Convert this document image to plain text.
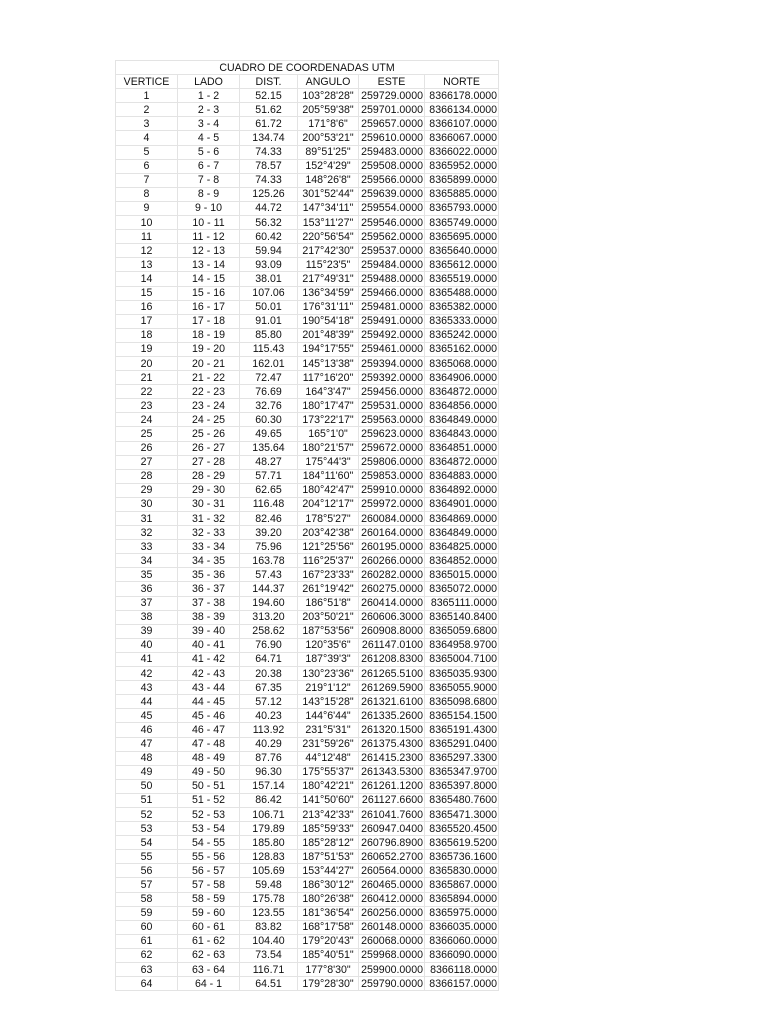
CUADRO DE COORDENADAS UTM					
VERTICE	LADO	DIST.	ANGULO	ESTE	NORTE
1	1 - 2	52.15	103°28'28"	259729.0000	8366178.0000
2	2 - 3	51.62	205°59'38"	259701.0000	8366134.0000
3	3 - 4	61.72	171°8'6"	259657.0000	8366107.0000
4	4 - 5	134.74	200°53'21"	259610.0000	8366067.0000
5	5 - 6	74.33	89°51'25"	259483.0000	8366022.0000
6	6 - 7	78.57	152°4'29"	259508.0000	8365952.0000
7	7 - 8	74.33	148°26'8"	259566.0000	8365899.0000
8	8 - 9	125.26	301°52'44"	259639.0000	8365885.0000
9	9 - 10	44.72	147°34'11"	259554.0000	8365793.0000
10	10 - 11	56.32	153°11'27"	259546.0000	8365749.0000
11	11 - 12	60.42	220°56'54"	259562.0000	8365695.0000
12	12 - 13	59.94	217°42'30"	259537.0000	8365640.0000
13	13 - 14	93.09	115°23'5"	259484.0000	8365612.0000
14	14 - 15	38.01	217°49'31"	259488.0000	8365519.0000
15	15 - 16	107.06	136°34'59"	259466.0000	8365488.0000
16	16 - 17	50.01	176°31'11"	259481.0000	8365382.0000
17	17 - 18	91.01	190°54'18"	259491.0000	8365333.0000
18	18 - 19	85.80	201°48'39"	259492.0000	8365242.0000
19	19 - 20	115.43	194°17'55"	259461.0000	8365162.0000
20	20 - 21	162.01	145°13'38"	259394.0000	8365068.0000
21	21 - 22	72.47	117°16'20"	259392.0000	8364906.0000
22	22 - 23	76.69	164°3'47"	259456.0000	8364872.0000
23	23 - 24	32.76	180°17'47"	259531.0000	8364856.0000
24	24 - 25	60.30	173°22'17"	259563.0000	8364849.0000
25	25 - 26	49.65	165°1'0"	259623.0000	8364843.0000
26	26 - 27	135.64	180°21'57"	259672.0000	8364851.0000
27	27 - 28	48.27	175°44'3"	259806.0000	8364872.0000
28	28 - 29	57.71	184°11'60"	259853.0000	8364883.0000
29	29 - 30	62.65	180°42'47"	259910.0000	8364892.0000
30	30 - 31	116.48	204°12'17"	259972.0000	8364901.0000
31	31 - 32	82.46	178°5'27"	260084.0000	8364869.0000
32	32 - 33	39.20	203°42'38"	260164.0000	8364849.0000
33	33 - 34	75.96	121°25'56"	260195.0000	8364825.0000
34	34 - 35	163.78	116°25'37"	260266.0000	8364852.0000
35	35 - 36	57.43	167°23'33"	260282.0000	8365015.0000
36	36 - 37	144.37	261°19'42"	260275.0000	8365072.0000
37	37 - 38	194.60	186°51'8"	260414.0000	8365111.0000
38	38 - 39	313.20	203°50'21"	260606.3000	8365140.8400
39	39 - 40	258.62	187°53'56"	260908.8000	8365059.6800
40	40 - 41	76.90	120°35'6"	261147.0100	8364958.9700
41	41 - 42	64.71	187°39'3"	261208.8300	8365004.7100
42	42 - 43	20.38	130°23'36"	261265.5100	8365035.9300
43	43 - 44	67.35	219°1'12"	261269.5900	8365055.9000
44	44 - 45	57.12	143°15'28"	261321.6100	8365098.6800
45	45 - 46	40.23	144°6'44"	261335.2600	8365154.1500
46	46 - 47	113.92	231°5'31"	261320.1500	8365191.4300
47	47 - 48	40.29	231°59'26"	261375.4300	8365291.0400
48	48 - 49	87.76	44°12'48"	261415.2300	8365297.3300
49	49 - 50	96.30	175°55'37"	261343.5300	8365347.9700
50	50 - 51	157.14	180°42'21"	261261.1200	8365397.8000
51	51 - 52	86.42	141°50'60"	261127.6600	8365480.7600
52	52 - 53	106.71	213°42'33"	261041.7600	8365471.3000
53	53 - 54	179.89	185°59'33"	260947.0400	8365520.4500
54	54 - 55	185.80	185°28'12"	260796.8900	8365619.5200
55	55 - 56	128.83	187°51'53"	260652.2700	8365736.1600
56	56 - 57	105.69	153°44'27"	260564.0000	8365830.0000
57	57 - 58	59.48	186°30'12"	260465.0000	8365867.0000
58	58 - 59	175.78	180°26'38"	260412.0000	8365894.0000
59	59 - 60	123.55	181°36'54"	260256.0000	8365975.0000
60	60 - 61	83.82	168°17'58"	260148.0000	8366035.0000
61	61 - 62	104.40	179°20'43"	260068.0000	8366060.0000
62	62 - 63	73.54	185°40'51"	259968.0000	8366090.0000
63	63 - 64	116.71	177°8'30"	259900.0000	8366118.0000
64	64 - 1	64.51	179°28'30"	259790.0000	8366157.0000
